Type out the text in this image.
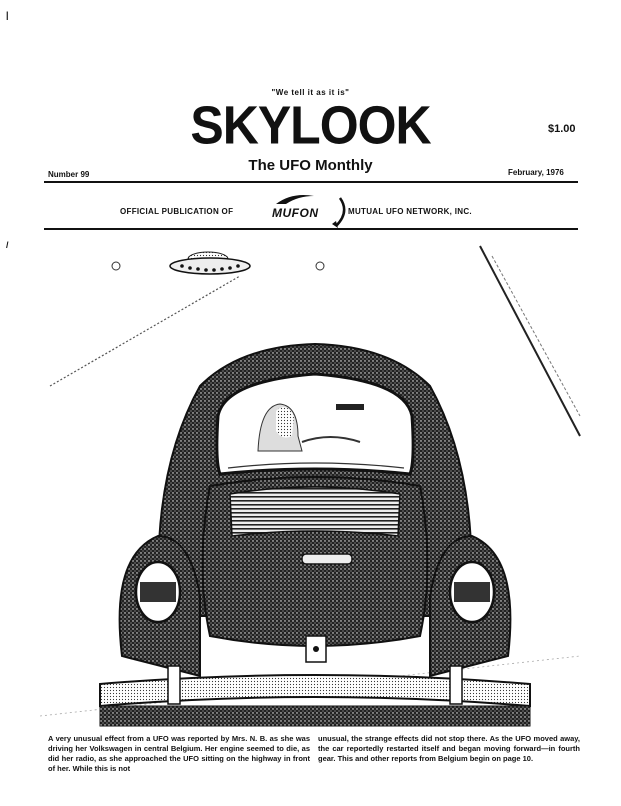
|
/
"We tell it as it is"
SKYLOOK	$1.00
The UFO Monthly
Number 99	February, 1976
OFFICIAL PUBLICATION OF	MUFON	MUTUAL UFO NETWORK, INC.
A very unusual effect from a UFO was reported by Mrs. N. B. as she was driving her Volkswagen in central Belgium. Her engine seemed to die, as did her radio, as she approached the UFO sitting on the highway in front of her. While this is not
unusual, the strange effects did not stop there. As the UFO moved away, the car reportedly restarted itself and began moving forward—in fourth gear. This and other reports from Belgium begin on page 10.
